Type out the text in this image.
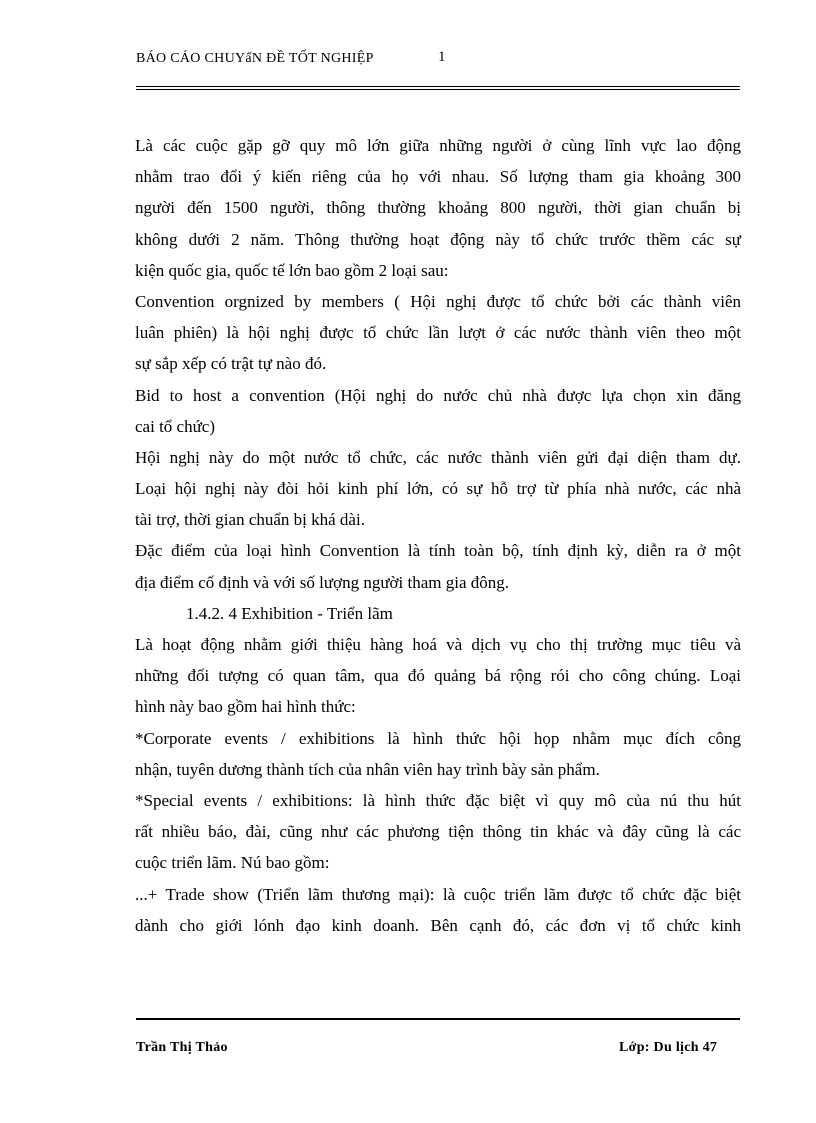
BÁO CÁO CHUYấN ĐỀ TỐT NGHIỆP	1
Là các cuộc gặp gỡ quy mô lớn giữa những người ở cùng lĩnh vực lao động
nhằm trao đổi ý kiến riêng của họ với nhau. Số lượng tham gia khoảng 300
người đến 1500 người, thông thường khoảng 800 người, thời gian chuẩn bị
không dưới 2 năm. Thông thường hoạt động này tổ chức trước thềm các sự
kiện quốc gia, quốc tế lớn bao gồm 2 loại sau:
Convention orgnized by members ( Hội nghị được tổ chức bởi các thành viên
luân phiên) là hội nghị được tổ chức lần lượt ở các nước thành viên theo một
sự sắp xếp có trật tự nào đó.
Bid to host a convention (Hội nghị do nước chủ nhà được lựa chọn xin đăng
cai tổ chức)
Hội nghị này do một nước tổ chức, các nước thành viên gửi đại diện tham dự.
Loại hội nghị này đòi hỏi kinh phí lớn, có sự hỗ trợ từ phía nhà nước, các nhà
tài trợ, thời gian chuẩn bị khá dài.
Đặc điểm của loại hình Convention là tính toàn bộ, tính định kỳ, diễn ra ở một
địa điểm cố định và với số lượng người tham gia đông.
1.4.2. 4 Exhibition - Triển lãm
Là hoạt động nhằm giới thiệu hàng hoá và dịch vụ cho thị trường mục tiêu và
những đối tượng có quan tâm, qua đó quảng bá rộng rói cho công chúng. Loại
hình này bao gồm hai hình thức:
*Corporate events / exhibitions là hình thức hội họp nhằm mục đích công
nhận, tuyên dương thành tích của nhân viên hay trình bày sản phẩm.
*Special events / exhibitions: là hình thức đặc biệt vì quy mô của nú thu hút
rất nhiều báo, đài, cũng như các phương tiện thông tin khác và đây cũng là các
cuộc triển lãm. Nú bao gồm:
...+ Trade show (Triển lãm thương mại): là cuộc triển lãm được tổ chức đặc biệt
dành cho giới lónh đạo kinh doanh. Bên cạnh đó, các đơn vị tổ chức kinh
Trần Thị Thảo	Lớp: Du lịch 47
